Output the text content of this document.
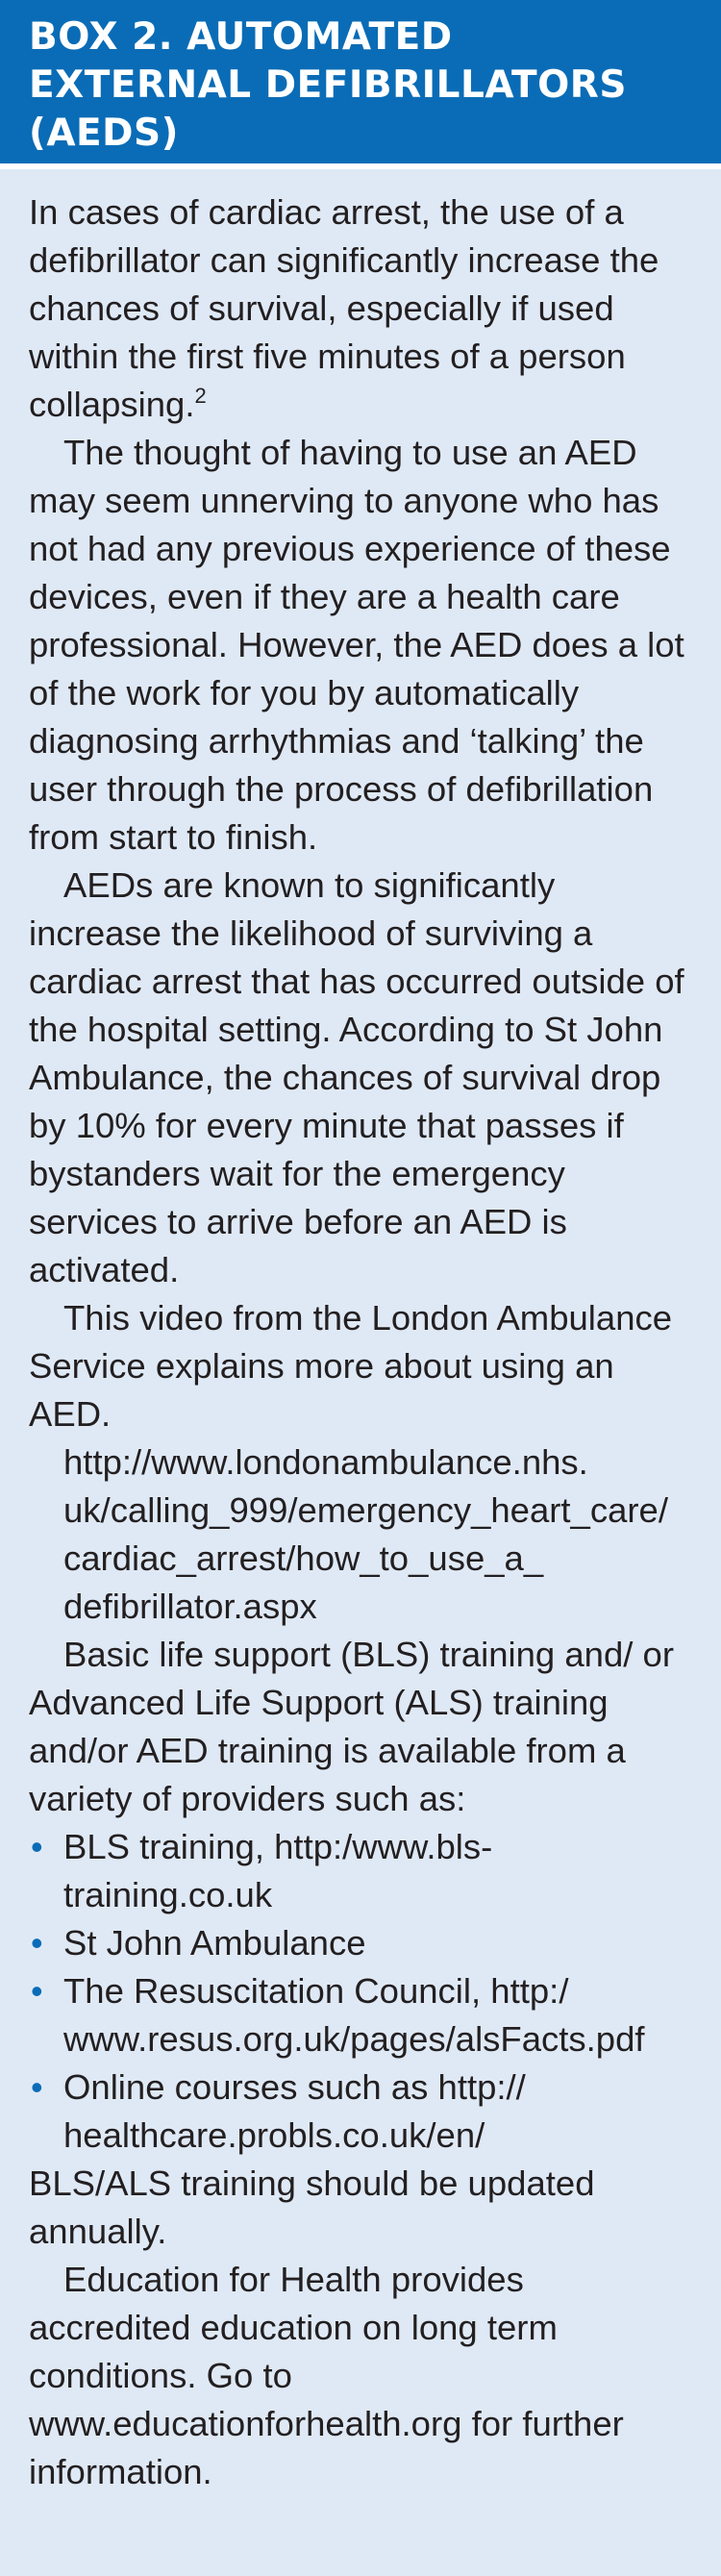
BOX 2. AUTOMATED
EXTERNAL DEFIBRILLATORS
(AEDS)

In cases of cardiac arrest, the use of a defibrillator can significantly increase the chances of survival, especially if used within the first five minutes of a person collapsing.$^2$

The thought of having to use an AED may seem unnerving to anyone who has not had any previous experience of these devices, even if they are a health care professional. However, the AED does a lot of the work for you by automatically diagnosing arrhythmias and ‘talking’ the user through the process of defibrillation from start to finish.

AEDs are known to significantly increase the likelihood of surviving a cardiac arrest that has occurred outside of the hospital setting. According to St John Ambulance, the chances of survival drop by 10% for every minute that passes if bystanders wait for the emergency services to arrive before an AED is activated.

This video from the London Ambulance Service explains more about using an AED.

http://www.londonambulance.nhs.
uk/calling_999/emergency_heart_care/
cardiac_arrest/how_to_use_a_
defibrillator.aspx

Basic life support (BLS) training and/ or Advanced Life Support (ALS) training and/or AED training is available from a variety of providers such as:

• BLS training, http:/www.bls-training.co.uk
• St John Ambulance
• The Resuscitation Council, http:/ www.resus.org.uk/pages/alsFacts.pdf
• Online courses such as http:// healthcare.probls.co.uk/en/

BLS/ALS training should be updated annually.

Education for Health provides accredited education on long term conditions. Go to www.educationforhealth.org for further information.
